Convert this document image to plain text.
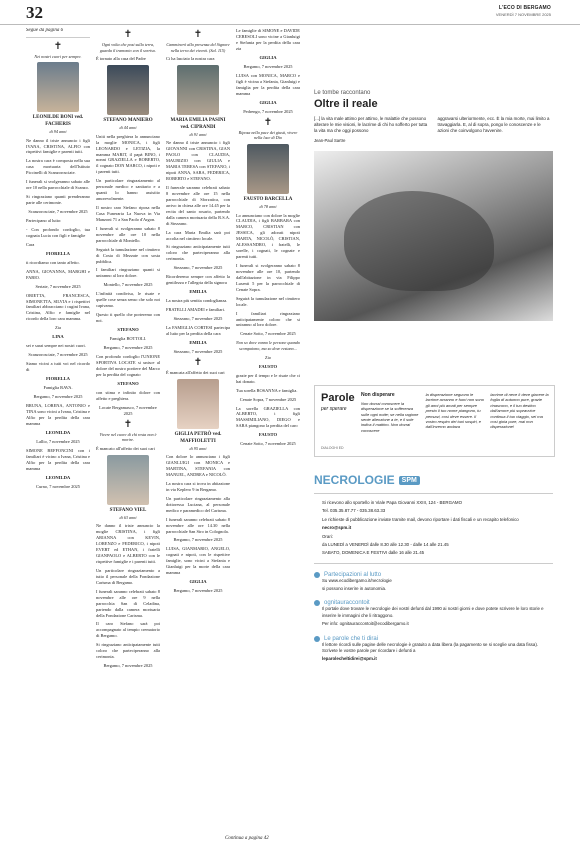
32	L'ECO DI BERGAMO
VENERDÌ 7 NOVEMBRE 2025
Segue da pagina 6
✝
Nei nostri cuori per sempre.
LEONILDE BONI ved. FACHERIS
di 94 anni

Ne danno il triste annuncio i figli IVANA, CRISTINA, ALFIO con rispettivi famiglie e parenti tutti.

La nostra cara è composta nella sua casa mortuaria dell'Istituto Piccinelli di Scanzorosciate.

I funerali si svolgeranno sabato alle ore 10 nella parrocchiale di Scanzo.

Si ringraziano quanti prenderanno parte alle cerimonie.

Scanzorosciate, 7 novembre 2025

Partecipano al lutto:

- Con profondo cordoglio, tua cognata Lucia con figli e famiglie

Cara

FIORELLA

ti ricordiamo con tanto affetto.

ANNA, GIOVANNA, MARGHI e FABIO.

Seriate, 7 novembre 2025

ORIETTA, FRANCESCA, SIMONETTA, SILVIA e i rispettivi familiari abbracciano i cugini Ivana, Cristina, Alfio e famiglie nel ricordo della loro cara mamma.

Zia

LINA

sei e sarai sempre nei nostri cuori.

Scanzorosciate, 7 novembre 2025

Siamo vicini a tutti voi nel ricordo di

FIORELLA

Famiglia RAVA.

Bergamo, 7 novembre 2025

BRUNA, LORENA, ANTONIO e TINA sono vicini a Ivana, Cristina e Alfio per la perdita della cara mamma

LEONILDA

Lallio, 7 novembre 2025

SIMONE BEFFONCINI con i familiari è vicino a Ivana, Cristina e Alfio per la perdita della cara mamma

LEONILDA

Curno, 7 novembre 2025

✝
Ogni volta che posi sulla terra, guarda il tramonto con il sorriso.

È tornato alla casa del Padre

STEFANO MANIERO
di 44 anni

Uniti nella preghiera lo annunciano la moglie MONICA, i figli LEONARDO e LETIZIA, la mamma MARIT, il papà BINO, i nonni GRAZIELLA e ROBERTO, il cognato DON MARCO, i nipoti e i parenti tutti.

Un particolare ringraziamento al personale medico e sanitario e a quanti lo hanno assistito amorevolmente.

Il nostro caro Stefano riposa nella Casa Funeraria La Nuova in Via Manzoni 71 a San Paolo d'Argon.

I funerali si svolgeranno sabato 8 novembre alle ore 10 nella parrocchiale di Montello.

Seguirà la tumulazione nel cimitero di Costa di Mezzate con sosta pubblica.

I familiari ringraziano quanti si uniranno al loro dolore.

Montello, 7 novembre 2025

L'infinità condivisa, le risate e quelle cose senza senso che solo noi capivamo.

Questo ti quello che porteremo con noi.

STEFANO

Famiglia BOTTOLI.

Bergamo, 7 novembre 2025

Con profondo cordoglio l'UNIONE SPORTIVA LOCATE si unisce al dolore del nostro portiere del Marco per la perdita del cognato

STEFANO

con stima e infinito dolore con affetto e preghiera.

Locate Bergamasco, 7 novembre 2025

✝
Vivere nel cuore di chi resta non è morire.

È mancato all'affetto dei suoi cari

STEFANO VIEL
di 63 anni

Ne danno il triste annuncio la moglie CRISTINA, i figli ARIANNA con KEVIN, LORENZO e FEDERICO, i nipoti EVERT ed ETHAN, i fratelli GIANPAOLO e ALBERTO con le rispettive famiglie e i parenti tutti.

Un particolare ringraziamento a tutto il personale della Fondazione Carisma di Bergamo.

I funerali saranno celebrati sabato 8 novembre alle ore 9 nella parrocchia San di Celadina, partendo dalla camera mortuaria della Fondazione Carisma.

Il caro Stefano sarà poi accompagnato al tempio crematorio di Bergamo.

Si ringraziano anticipatamente tutti coloro che parteciperanno alla cerimonia.

Bergamo, 7 novembre 2025

✝
Camminerò alla presenza del Signore nella terra dei viventi. (Sal. 115)

Ci ha lasciato la nostra cara

MARIA EMILIA PASINI ved. CIPRANDI
di 91 anni

Ne danno il triste annuncio i figli GIOVANNI con CRISTINA, GIAN PAOLO con CLAUDIA, MAURIZIO con GIULIA e MARIA TERESA con STEFANO, i nipoti ANNA, SARA, FEDERICA, ROBERTO e STEFANO.

Il funerale saranno celebrati sabato 8 novembre alle ore 15 nella parrocchiale di Sforzatica, con arrivo in chiesa alle ore 14.45 per la recita del santo rosario, partendo dalla camera mortuaria della R.S.A. di Stezzano.

La cara Maria Emilia sarà poi accolta nel cimitero locale.

Si ringraziano anticipatamente tutti coloro che parteciperanno alla cerimonia.

Stezzano, 7 novembre 2025

Ricorderemo sempre con affetto la gentilezza e l'allegria della signora

EMILIA

La nostra più sentita condoglianza.

FRATELLI AMADEI e familiari.

Stezzano, 7 novembre 2025

La FAMIGLIA CORTESI partecipa al lutto per la perdita della cara

EMILIA

Stezzano, 7 novembre 2025

✝

È mancata all'affetto dei suoi cari

GIGLIA PETRÒ ved. MAFFIOLETTI
di 95 anni

Con dolore lo annunciano i figli GIANLUIGI con MONICA e MARTINA, STEFANIA con MANUEL, ANDREA e NICOLÒ.

La nostra cara si trova in abitazione in via Keplero 9 in Bergamo.

Un particolare ringraziamento alla dottoressa Luciana, al personale medico e paramedico del Carisma.

I funerali saranno celebrati sabato 8 novembre alle ore 14.30 nella parrocchiale San Siro in Colognola.

Bergamo, 7 novembre 2025

LUISA, GIANMARIO, ANGELO, cognati e nipoti, con le rispettive famiglie, sono vicini a Stefania e Gianluigi per la morte della cara mamma

GIGLIA

Bergamo, 7 novembre 2025

Le famiglie di SIMONE e DAVIDE CERESOLI sono vicine a Gianluigi e Stefania per la perdita della cara zia

GIGLIA

Bergamo, 7 novembre 2025

LUISA con MONICA, MARCO e figli è vicina a Stefania, Gianluigi e famiglia per la perdita della cara mamma

GIGLIA

Pedrengo, 7 novembre 2025

✝
Riposa nella pace dei giusti, vivere nella luce di Dio
FAUSTO BARCELLA
di 78 anni

Lo annunciano con dolore la moglie CLAUDIA, i figli BARBARA con MARCO, CRISTIAN con JESSICA, gli adorati nipoti MARTA, NICOLÒ, CRISTIAN, ALESSANDRO, i fratelli, le sorelle, i cognati, le cognate e parenti tutti.

I funerali si svolgeranno sabato 8 novembre alle ore 10, partendo dall'abitazione in via Filippo Lusenti 5 per la parrocchiale di Cenate Sopra.

Seguirà la tumulazione nel cimitero locale.

I familiari ringraziano anticipatamente coloro che si uniranno al loro dolore.

Cenate Sotto, 7 novembre 2025

Non so dove vanno le persone quando scompaiono, ma so dove restano...

Zio

FAUSTO

grazie per il tempo e le risate che ci hai donato.

Tua sorella ROSANNA e famiglia.

Cenate Sopra, 7 novembre 2025

La sorella GRAZIELLA con ALBERTO, i figli MASSIMILIANO, DIEGO e SARA piangono la perdita del caro

FAUSTO

Cenate Sotto, 7 novembre 2025

Le tombe raccontano
Oltre il reale

[...] la vita male attimo per attimo, le malattie che possono alterare le mie visioni, le lacrime di chi ho sofferto per tutta la vita ma che oggi possono

aggravarsi ulteriormente, ecc. È la mia morte, mai limito a travaggiarla. E, al di sopra, pongo le conoscenze e le azioni che coinvolgono l'avvenire.

Jean-Paul Sartre
Parole
per sperare
DIALOGHI ED
Non disperare
Non dovrai conoscere la disperazione se la sofferenza sulle ogni notte; se nella ragione sente allenzione a te, e il sole indica il mattino. Non dovrai conoscere
la disperazione seguono le lacrime avranno e fuori non sono gli anni più amati per sempre presto il tuo nome piangono, tu pensavi, così deve essere. Il vostro respiro dei tuoi sospiri, e dall'inverno andava
lacrime di neve lì deve giacere la foglia di autunno pure, grazie rinascono, e il tuo destino dall'amore più sopravvive continua il tuo viaggio, sei ma così gioia pure, mai non disperazione!
NECROLOGIE	SPM

Si ricevono allo sportello in Viale Papa Giovanni XXIII, 124 - BERGAMO

Tel. 035.35.87.77 - 035.38.63.33

Le richieste di pubblicazione inviate tramite mail, devono riportare i dati fiscali e un recapito telefonico

necro@spm.it

Orari:

da LUNEDÌ a VENERDÌ dalle 8.30 alle 12.30 - dalle 14 alle 21.45

SABATO, DOMENICA E FESTIVI dalle 16 alle 21.45

Partecipazioni al lutto

Su www.ecodibergamo.it/necrologie

si possono inserire in autonomia.

ognitauraccontoit

Il portale dove trovare le necrologie dei vostri defunti dal 1990 ai nostri giorni e dove potete scrivere le loro storie e inserire le immagini che li ritraggono.

Per info: ognitauraccontoit@ecodibergamo.it

Le parole che ti dirai

Il lettore ricordi sulle pagine delle necrologie è gratuito a data libera (la pagamento se si sceglie una data fissa). Scrivete le vostre parole per ricordare i defunti a

leparolecheltidirei@spm.it

Continua a pagina 42
